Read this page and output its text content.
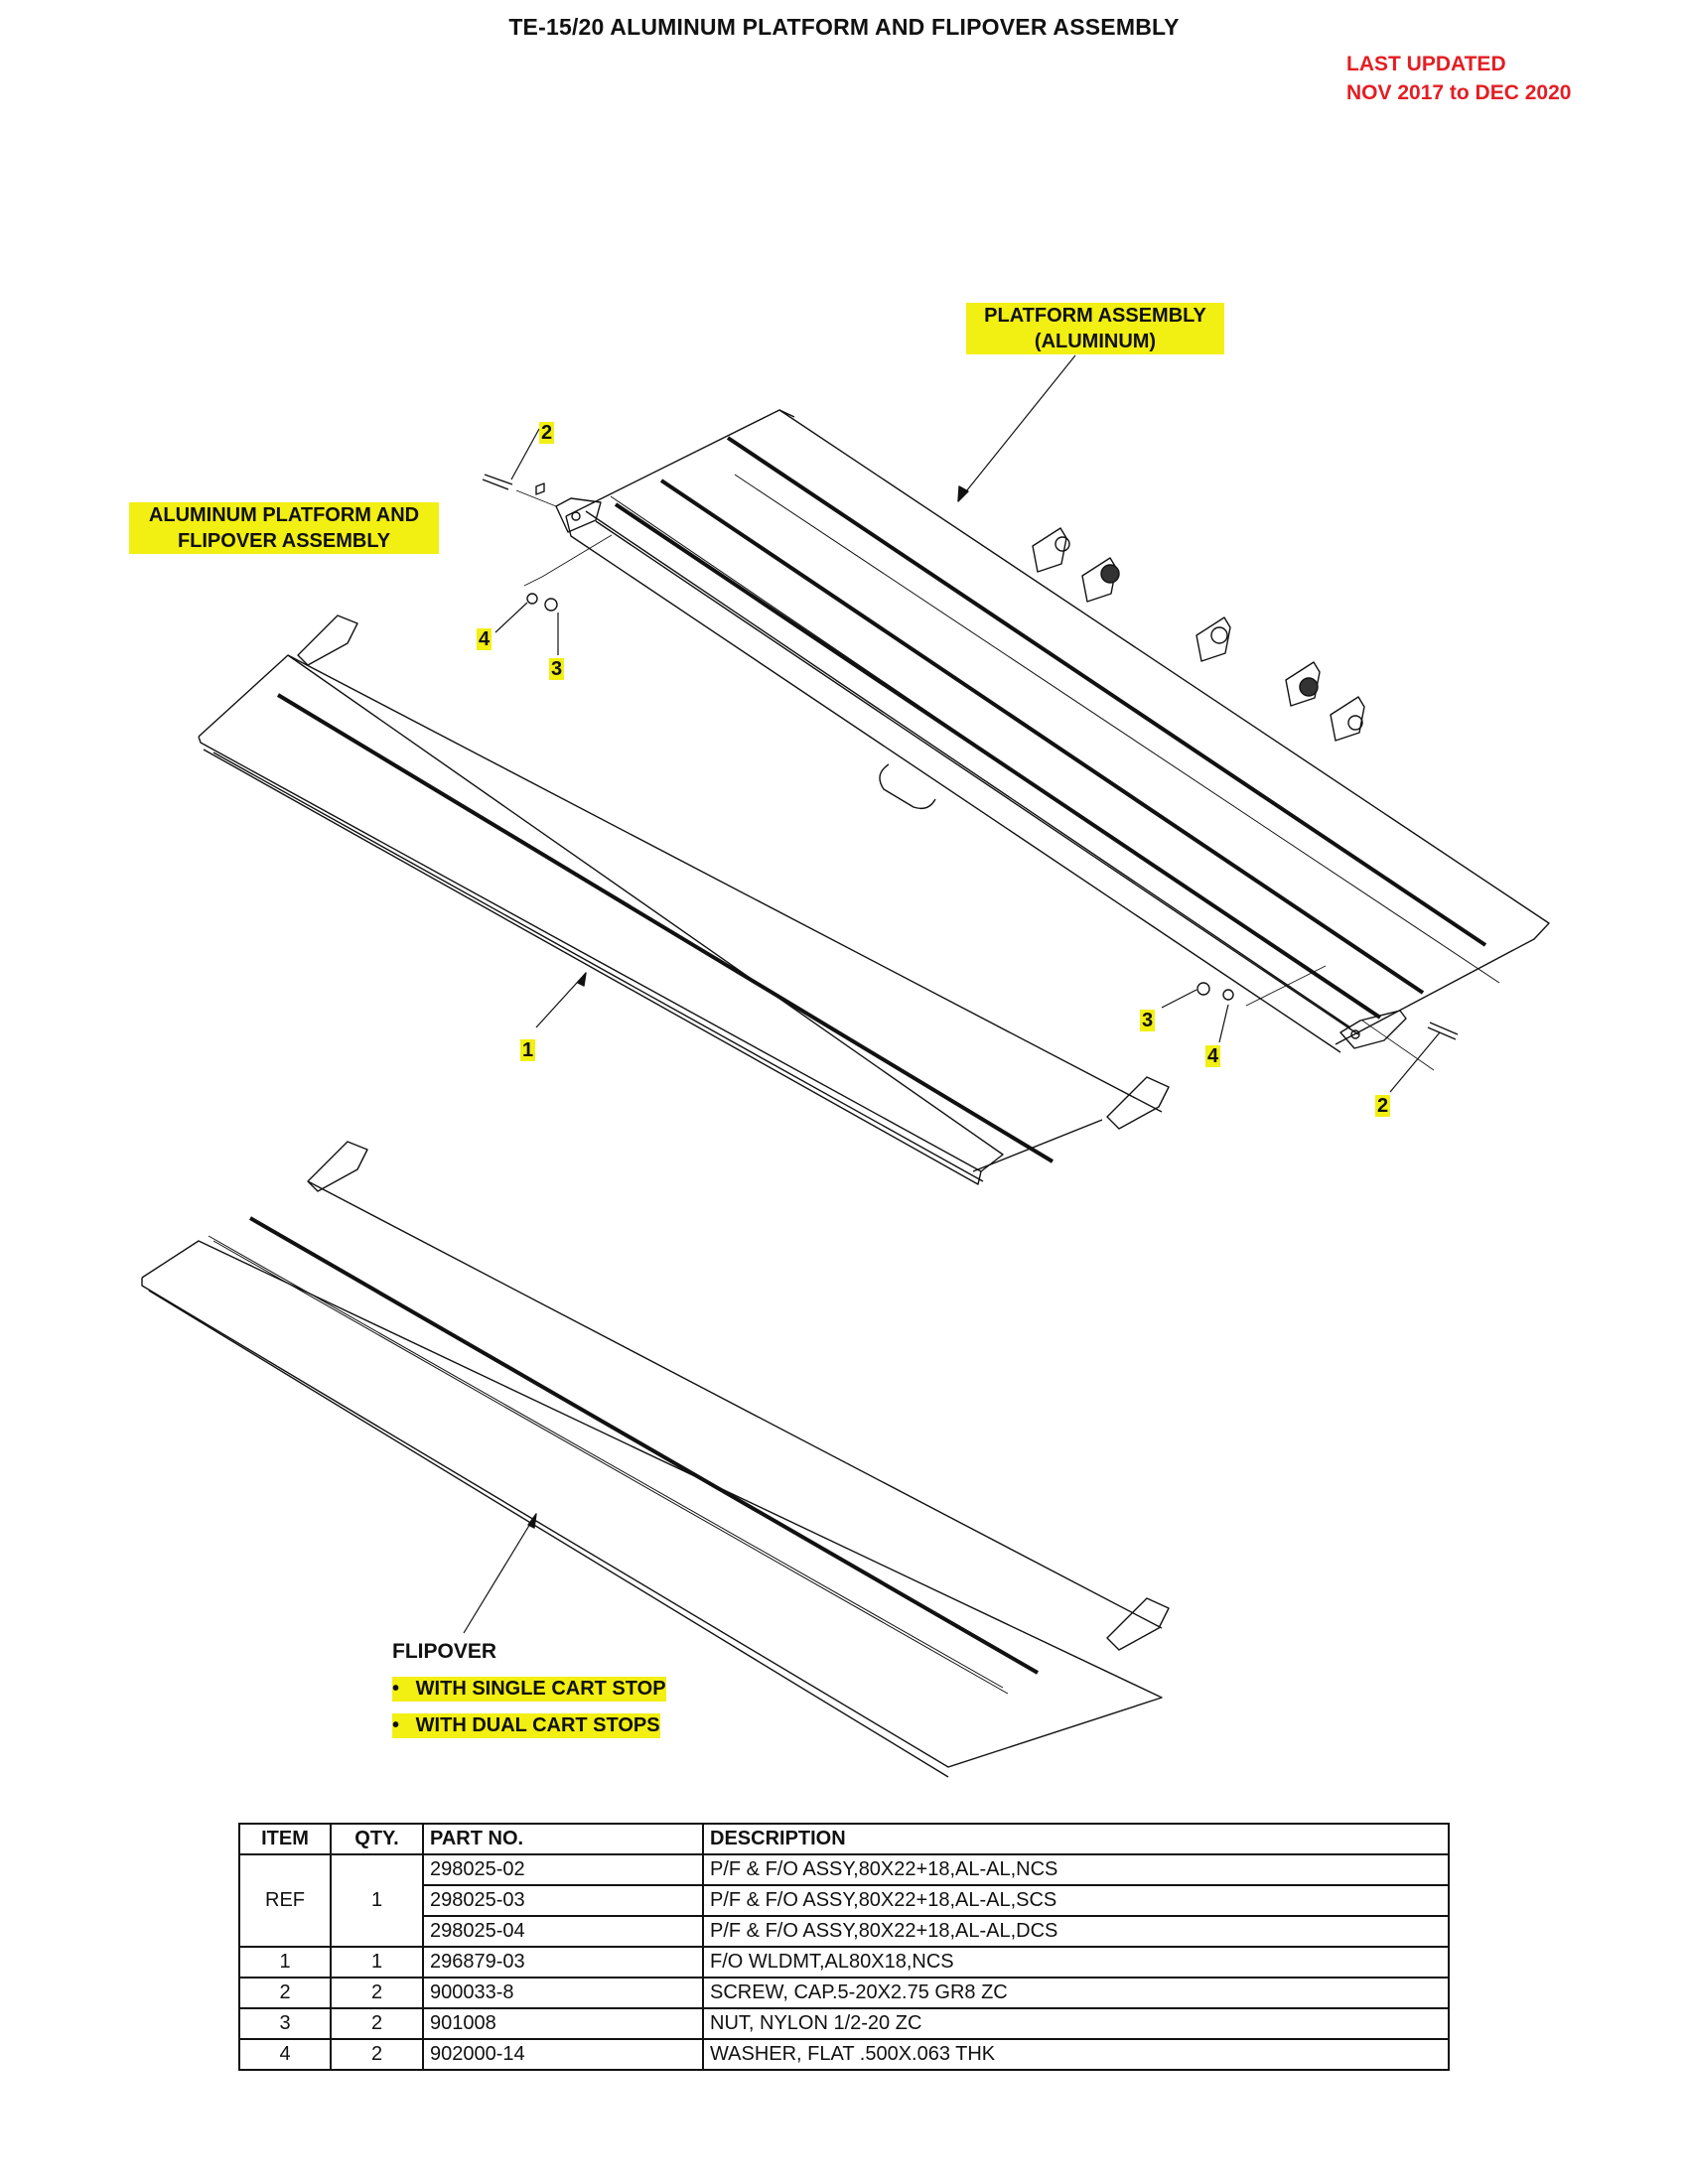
TE-15/20 ALUMINUM PLATFORM AND FLIPOVER ASSEMBLY
LAST UPDATED
NOV 2017 to DEC 2020
PLATFORM ASSEMBLY
(ALUMINUM)
ALUMINUM PLATFORM AND
FLIPOVER ASSEMBLY
2
4
3
1
3
4
2
FLIPOVER
•   WITH SINGLE CART STOP
•   WITH DUAL CART STOPS
ITEM	QTY.	PART NO.	DESCRIPTION
REF	1	298025-02	P/F & F/O ASSY,80X22+18,AL-AL,NCS
		298025-03	P/F & F/O ASSY,80X22+18,AL-AL,SCS
		298025-04	P/F & F/O ASSY,80X22+18,AL-AL,DCS
1	1	296879-03	F/O WLDMT,AL80X18,NCS
2	2	900033-8	SCREW, CAP.5-20X2.75 GR8 ZC
3	2	901008	NUT, NYLON 1/2-20 ZC
4	2	902000-14	WASHER, FLAT .500X.063 THK
